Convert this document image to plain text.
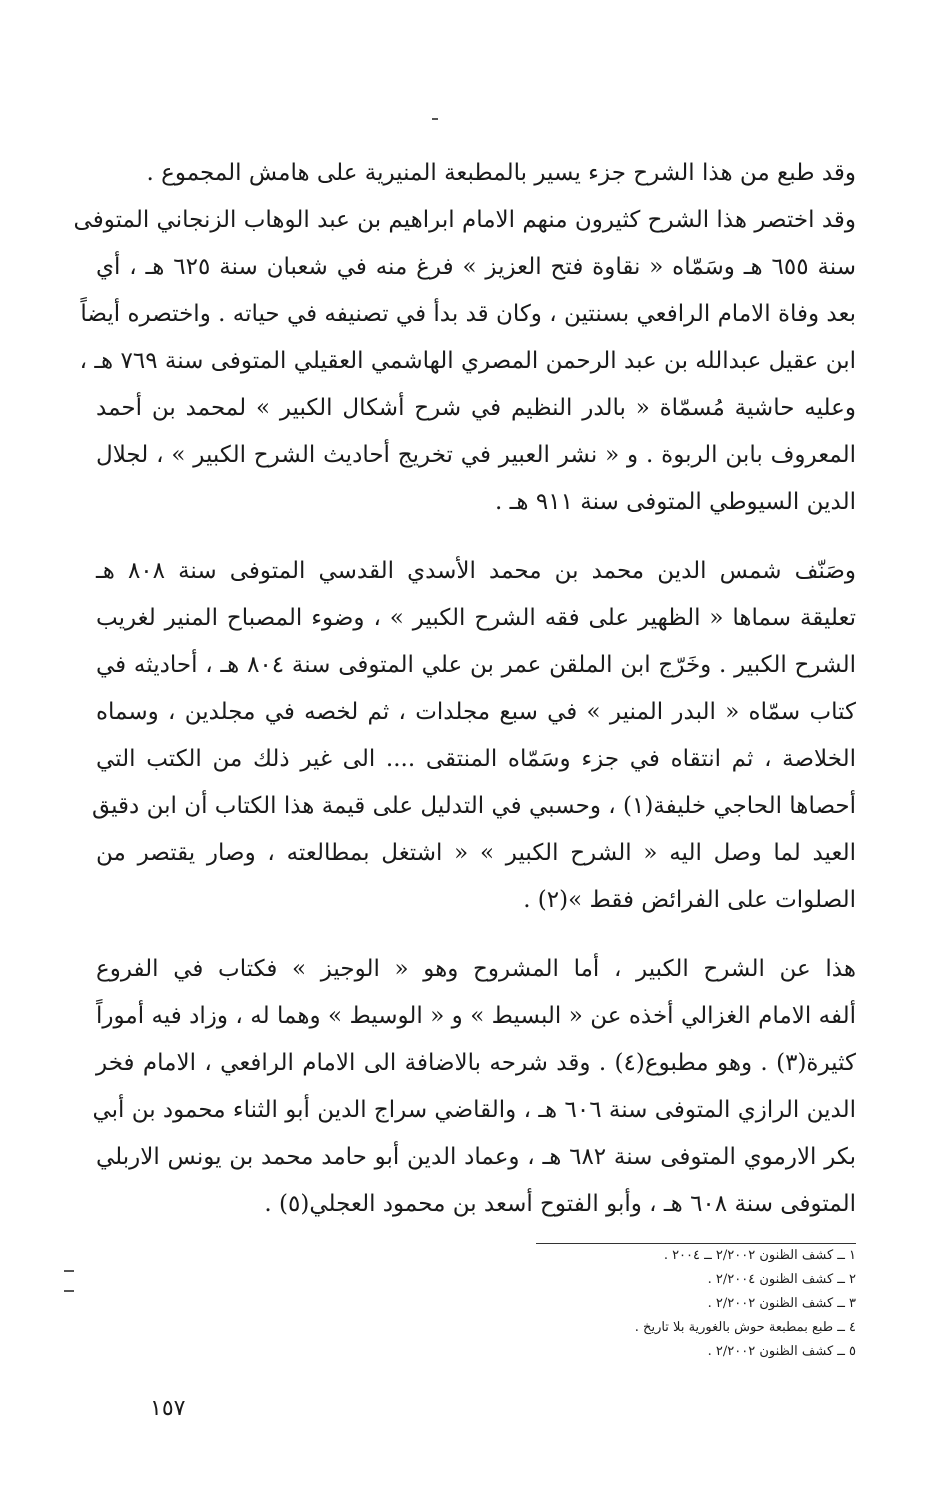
وقد طبع من هذا الشرح جزء يسير بالمطبعة المنيرية على هامش المجموع .
وقد اختصر هذا الشرح كثيرون منهم الامام ابراهيم بن عبد الوهاب الزنجاني المتوفى
سنة ٦٥٥ هـ وسَمّاه « نقاوة فتح العزيز » فرغ منه في شعبان سنة ٦٢٥ هـ ، أي
بعد وفاة الامام الرافعي بسنتين ، وكان قد بدأ في تصنيفه في حياته . واختصره أيضاً
ابن عقيل عبدالله بن عبد الرحمن المصري الهاشمي العقيلي المتوفى سنة ٧٦٩ هـ ،
وعليه حاشية مُسمّاة « بالدر النظيم في شرح أشكال الكبير » لمحمد بن أحمد
المعروف بابن الربوة . و « نشر العبير في تخريج أحاديث الشرح الكبير » ، لجلال
الدين السيوطي المتوفى سنة ٩١١ هـ .
وصَنّف شمس الدين محمد بن محمد الأسدي القدسي المتوفى سنة ٨٠٨ هـ
تعليقة سماها « الظهير على فقه الشرح الكبير » ، وضوء المصباح المنير لغريب
الشرح الكبير . وخَرّج ابن الملقن عمر بن علي المتوفى سنة ٨٠٤ هـ ، أحاديثه في
كتاب سمّاه « البدر المنير » في سبع مجلدات ، ثم لخصه في مجلدين ، وسماه
الخلاصة ، ثم انتقاه في جزء وسَمّاه المنتقى .... الى غير ذلك من الكتب التي
أحصاها الحاجي خليفة(١) ، وحسبي في التدليل على قيمة هذا الكتاب أن ابن دقيق
العيد لما وصل اليه « الشرح الكبير » « اشتغل بمطالعته ، وصار يقتصر من
الصلوات على الفرائض فقط »(٢) .
هذا عن الشرح الكبير ، أما المشروح وهو « الوجيز » فكتاب في الفروع
ألفه الامام الغزالي أخذه عن « البسيط » و « الوسيط » وهما له ، وزاد فيه أموراً
كثيرة(٣) . وهو مطبوع(٤) . وقد شرحه بالاضافة الى الامام الرافعي ، الامام فخر
الدين الرازي المتوفى سنة ٦٠٦ هـ ، والقاضي سراج الدين أبو الثناء محمود بن أبي
بكر الارموي المتوفى سنة ٦٨٢ هـ ، وعماد الدين أبو حامد محمد بن يونس الاربلي
المتوفى سنة ٦٠٨ هـ ، وأبو الفتوح أسعد بن محمود العجلي(٥) .
١ ــ كشف الظنون ٢/٢٠٠٢ ــ ٢٠٠٤ .
٢ ــ كشف الظنون ٢/٢٠٠٤ .
٣ ــ كشف الظنون ٢/٢٠٠٢ .
٤ ــ طبع بمطبعة حوش بالغورية بلا تاريخ .
٥ ــ كشف الظنون ٢/٢٠٠٢ .
١٥٧
